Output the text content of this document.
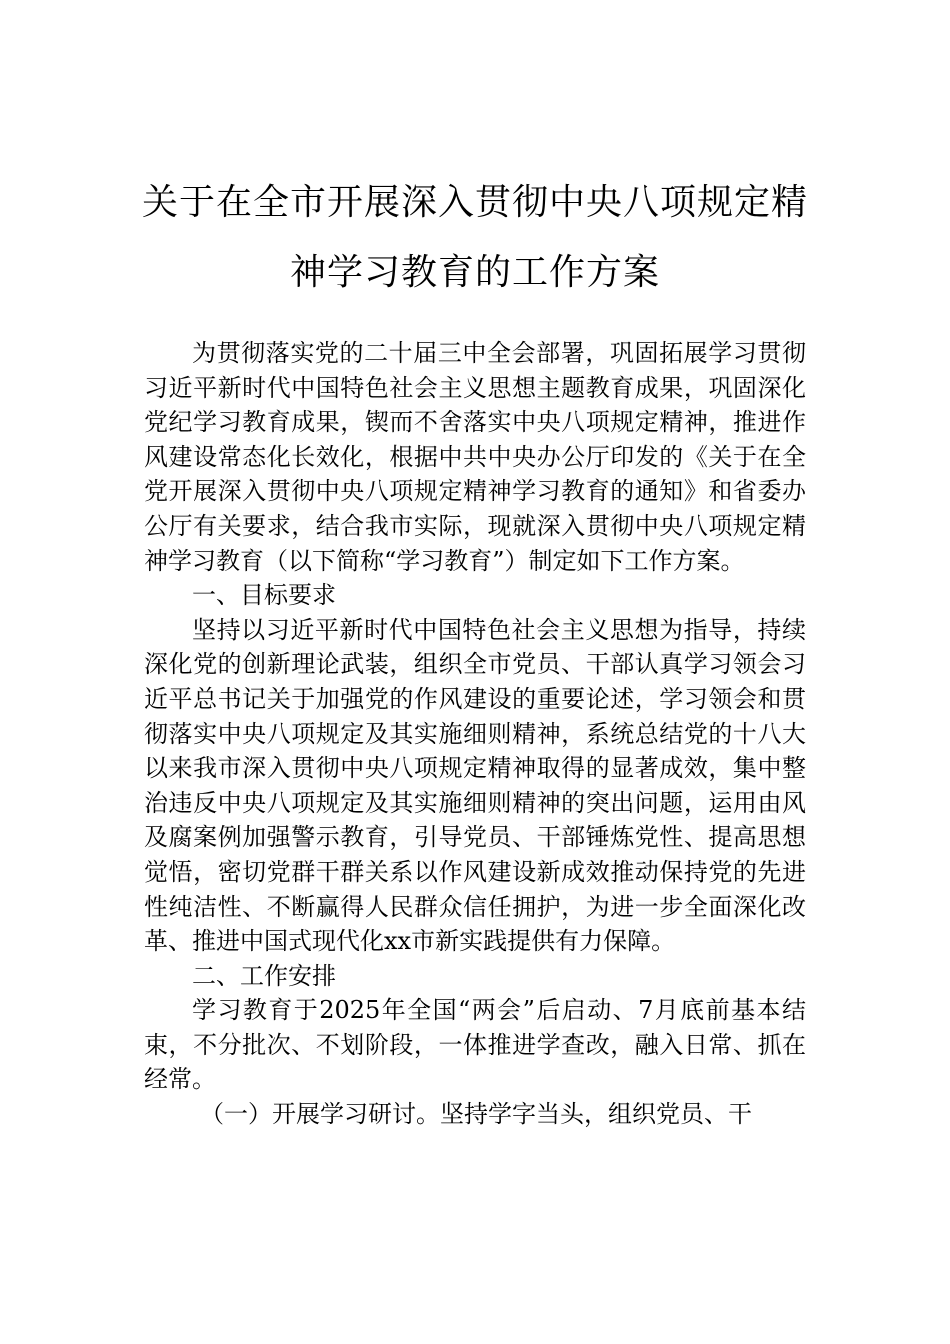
关于在全市开展深入贯彻中央八项规定精
神学习教育的工作方案

为贯彻落实党的二十届三中全会部署，巩固拓展学习贯彻习近平新时代中国特色社会主义思想主题教育成果，巩固深化党纪学习教育成果，锲而不舍落实中央八项规定精神，推进作风建设常态化长效化，根据中共中央办公厅印发的《关于在全党开展深入贯彻中央八项规定精神学习教育的通知》和省委办公厅有关要求，结合我市实际，现就深入贯彻中央八项规定精神学习教育（以下简称“学习教育”）制定如下工作方案。

一、目标要求

坚持以习近平新时代中国特色社会主义思想为指导，持续深化党的创新理论武装，组织全市党员、干部认真学习领会习近平总书记关于加强党的作风建设的重要论述，学习领会和贯彻落实中央八项规定及其实施细则精神，系统总结党的十八大以来我市深入贯彻中央八项规定精神取得的显著成效，集中整治违反中央八项规定及其实施细则精神的突出问题，运用由风及腐案例加强警示教育，引导党员、干部锤炼党性、提高思想觉悟，密切党群干群关系以作风建设新成效推动保持党的先进性纯洁性、不断赢得人民群众信任拥护，为进一步全面深化改革、推进中国式现代化xx市新实践提供有力保障。

二、工作安排

学习教育于2025年全国“两会”后启动、7月底前基本结束，不分批次、不划阶段，一体推进学查改，融入日常、抓在经常。

（一）开展学习研讨。坚持学字当头，组织党员、干
